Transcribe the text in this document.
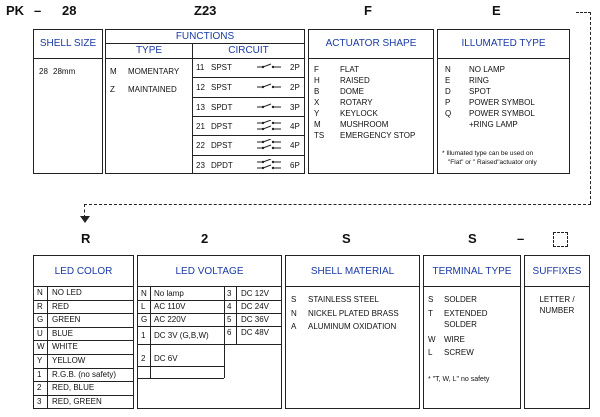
PK – 28	Z23	F	E
SHELL SIZE
28 28mm
FUNCTIONS
TYPE	CIRCUIT
M MOMENTARY
Z MAINTAINED
11 SPST	2P
12 SPST	2P
13 SPDT	3P
21 DPST	4P
22 DPST	4P
23 DPDT	6P
ACTUATOR SHAPE
F	FLAT
H	RAISED
B	DOME
X	ROTARY
Y	KEYLOCK
M MUSHROOM
TS EMERGENCY STOP
ILLUMATED TYPE
N NO LAMP
E RING
D SPOT
P POWER SYMBOL
Q POWER SYMBOL
+RING LAMP
* Illumated type can be used on
"Flat" or " Raised"actuator only
R	2	S	S	–
LED COLOR
N NO LED
R RED
G GREEN
U BLUE
W WHITE
Y YELLOW
1 R.G.B. (no safety)
2 RED, BLUE
3 RED, GREEN
LED VOLTAGE
N No lamp
L AC 110V
G AC 220V
1 DC 3V (G,B,W)
2 DC 6V
3 DC 12V
4 DC 24V
5 DC 36V
6 DC 48V
SHELL MATERIAL
S STAINLESS STEEL
N NICKEL PLATED BRASS
A ALUMINUM OXIDATION
TERMINAL TYPE
S SOLDER
T EXTENDED
SOLDER
W WIRE
L SCREW
* "T, W, L" no safety
SUFFIXES
LETTER /
NUMBER
